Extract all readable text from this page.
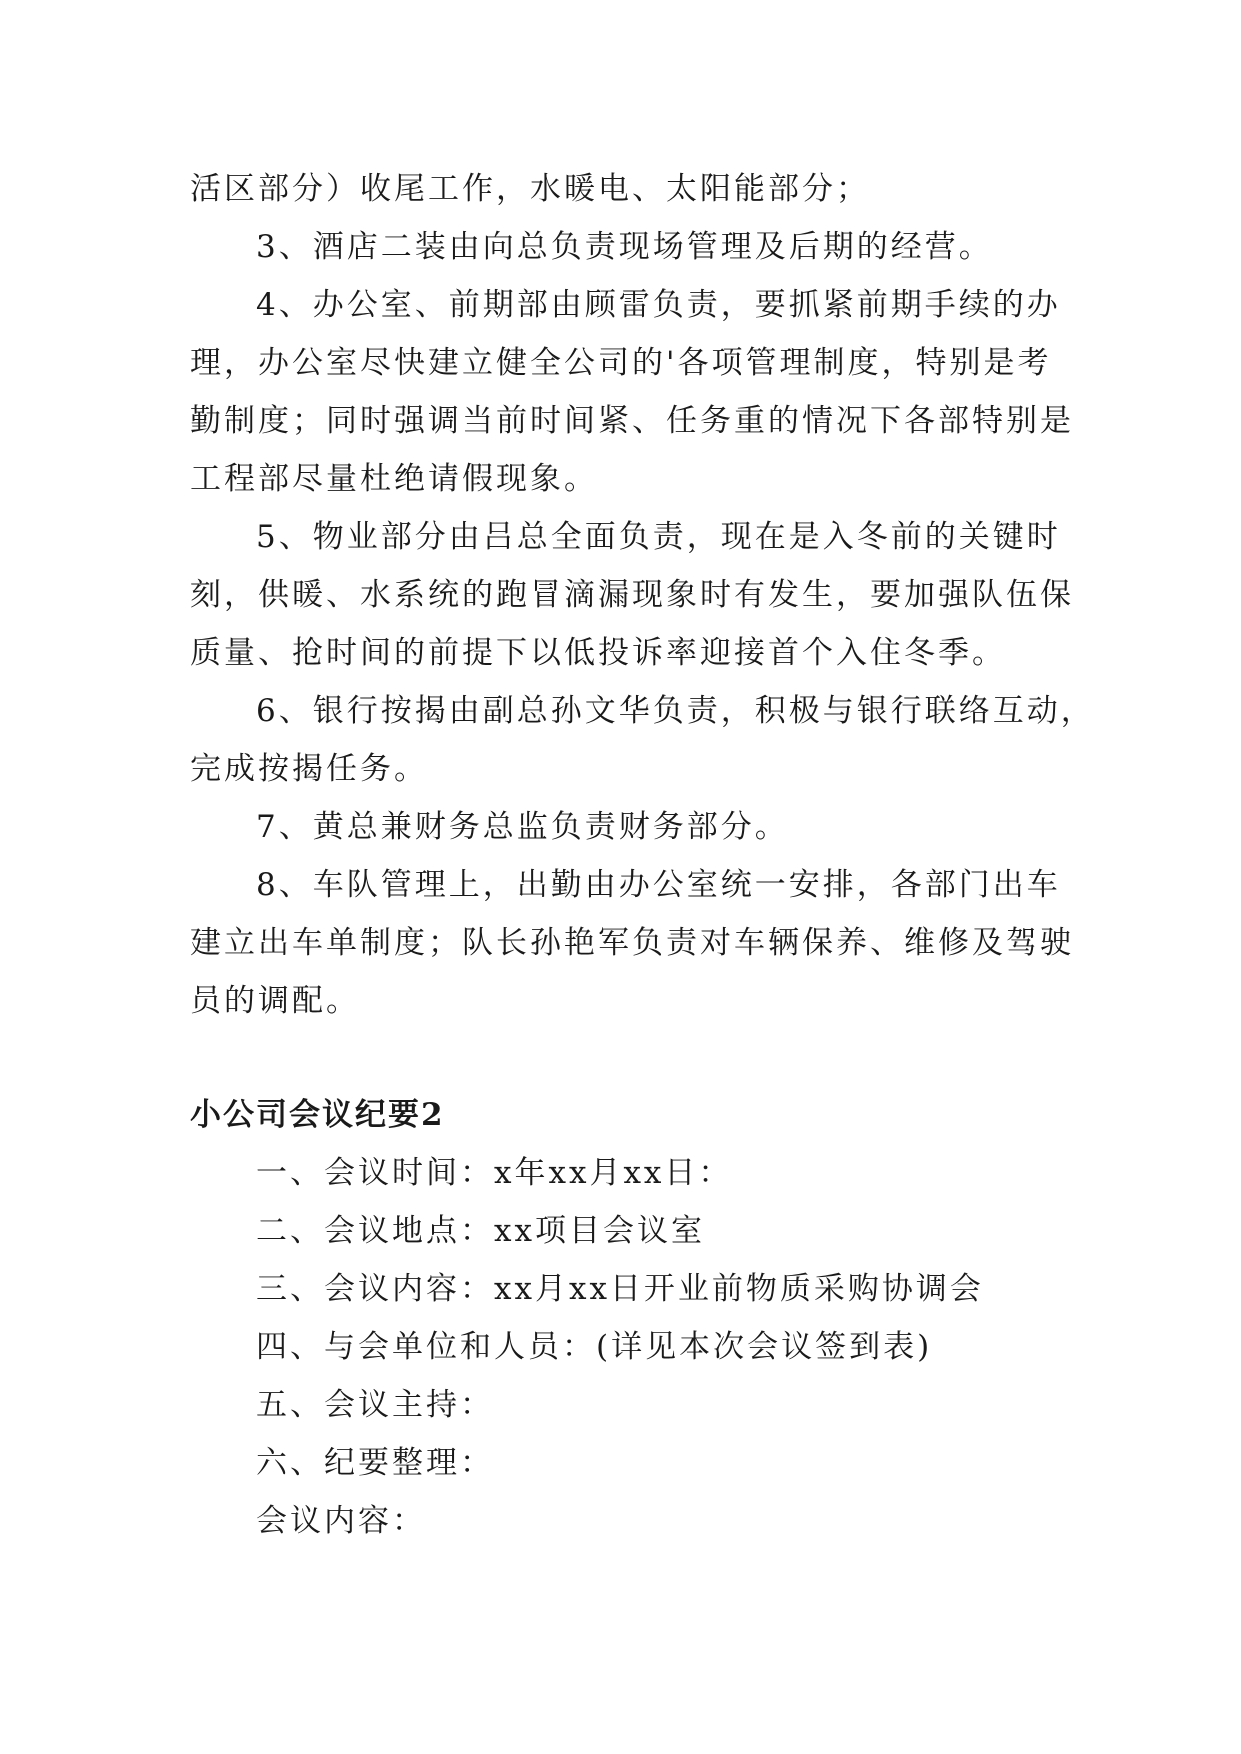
活区部分）收尾工作，水暖电、太阳能部分；

3、酒店二装由向总负责现场管理及后期的经营。

4、办公室、前期部由顾雷负责，要抓紧前期手续的办

理，办公室尽快建立健全公司的'各项管理制度，特别是考

勤制度；同时强调当前时间紧、任务重的情况下各部特别是

工程部尽量杜绝请假现象。

5、物业部分由吕总全面负责，现在是入冬前的关键时

刻，供暖、水系统的跑冒滴漏现象时有发生，要加强队伍保

质量、抢时间的前提下以低投诉率迎接首个入住冬季。

6、银行按揭由副总孙文华负责，积极与银行联络互动，

完成按揭任务。

7、黄总兼财务总监负责财务部分。

8、车队管理上，出勤由办公室统一安排，各部门出车

建立出车单制度；队长孙艳军负责对车辆保养、维修及驾驶

员的调配。

小公司会议纪要2

一、会议时间：x年xx月xx日：

二、会议地点：xx项目会议室

三、会议内容：xx月xx日开业前物质采购协调会

四、与会单位和人员：(详见本次会议签到表)

五、会议主持：

六、纪要整理：

会议内容：
